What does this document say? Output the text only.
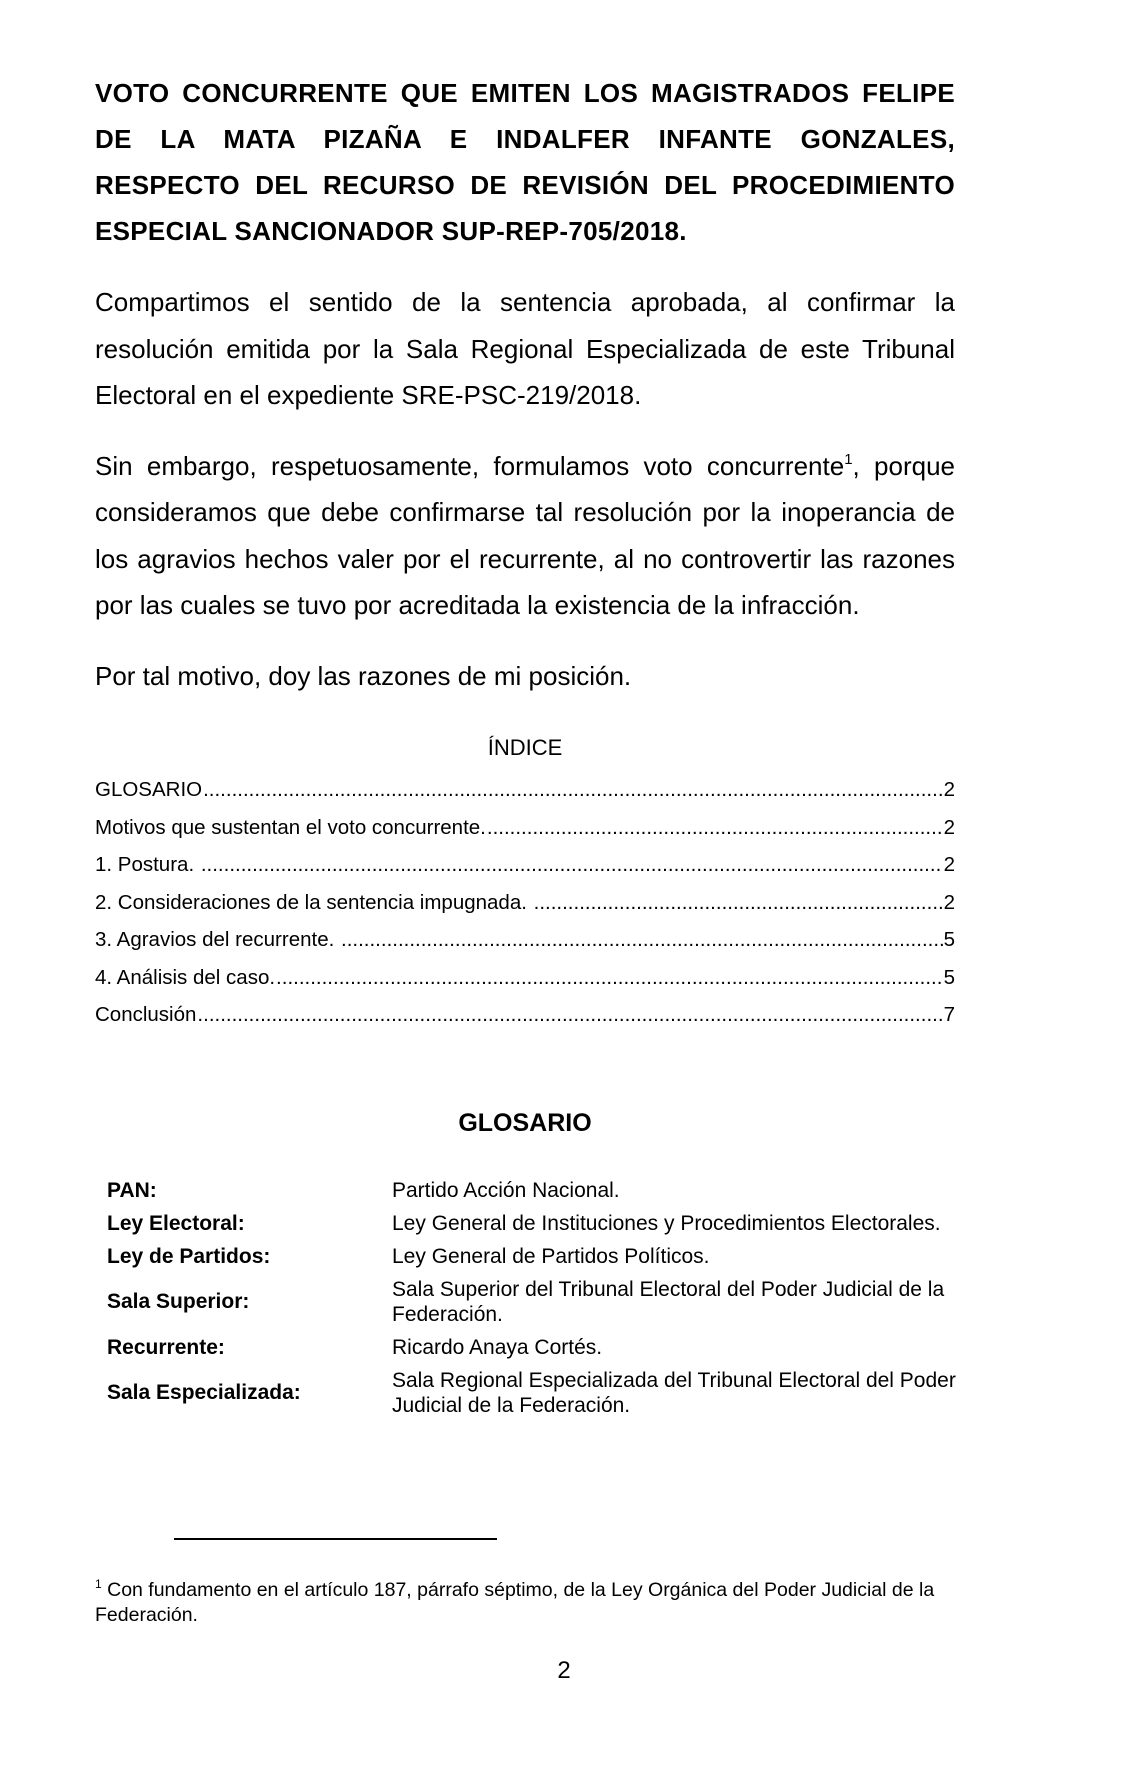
VOTO CONCURRENTE QUE EMITEN LOS MAGISTRADOS FELIPE DE LA MATA PIZAÑA E INDALFER INFANTE GONZALES, RESPECTO DEL RECURSO DE REVISIÓN DEL PROCEDIMIENTO ESPECIAL SANCIONADOR SUP-REP-705/2018.

Compartimos el sentido de la sentencia aprobada, al confirmar la resolución emitida por la Sala Regional Especializada de este Tribunal Electoral en el expediente SRE-PSC-219/2018.

Sin embargo, respetuosamente, formulamos voto concurrente$^1$, porque consideramos que debe confirmarse tal resolución por la inoperancia de los agravios hechos valer por el recurrente, al no controvertir las razones por las cuales se tuvo por acreditada la existencia de la infracción.

Por tal motivo, doy las razones de mi posición.

ÍNDICE
GLOSARIO .....	2
Motivos que sustentan el voto concurrente. .....	2
1. Postura. .....	2
2. Consideraciones de la sentencia impugnada. .....	2
3. Agravios del recurrente. .....	5
4. Análisis del caso. .....	5
Conclusión .....	7
GLOSARIO
PAN:	Partido Acción Nacional.
Ley Electoral:	Ley General de Instituciones y Procedimientos Electorales.
Ley de Partidos:	Ley General de Partidos Políticos.
Sala Superior:	Sala Superior del Tribunal Electoral del Poder Judicial de la Federación.
Recurrente:	Ricardo Anaya Cortés.
Sala Especializada:	Sala Regional Especializada del Tribunal Electoral del Poder Judicial de la Federación.
$^1$ Con fundamento en el artículo 187, párrafo séptimo, de la Ley Orgánica del Poder Judicial de la Federación.
2
